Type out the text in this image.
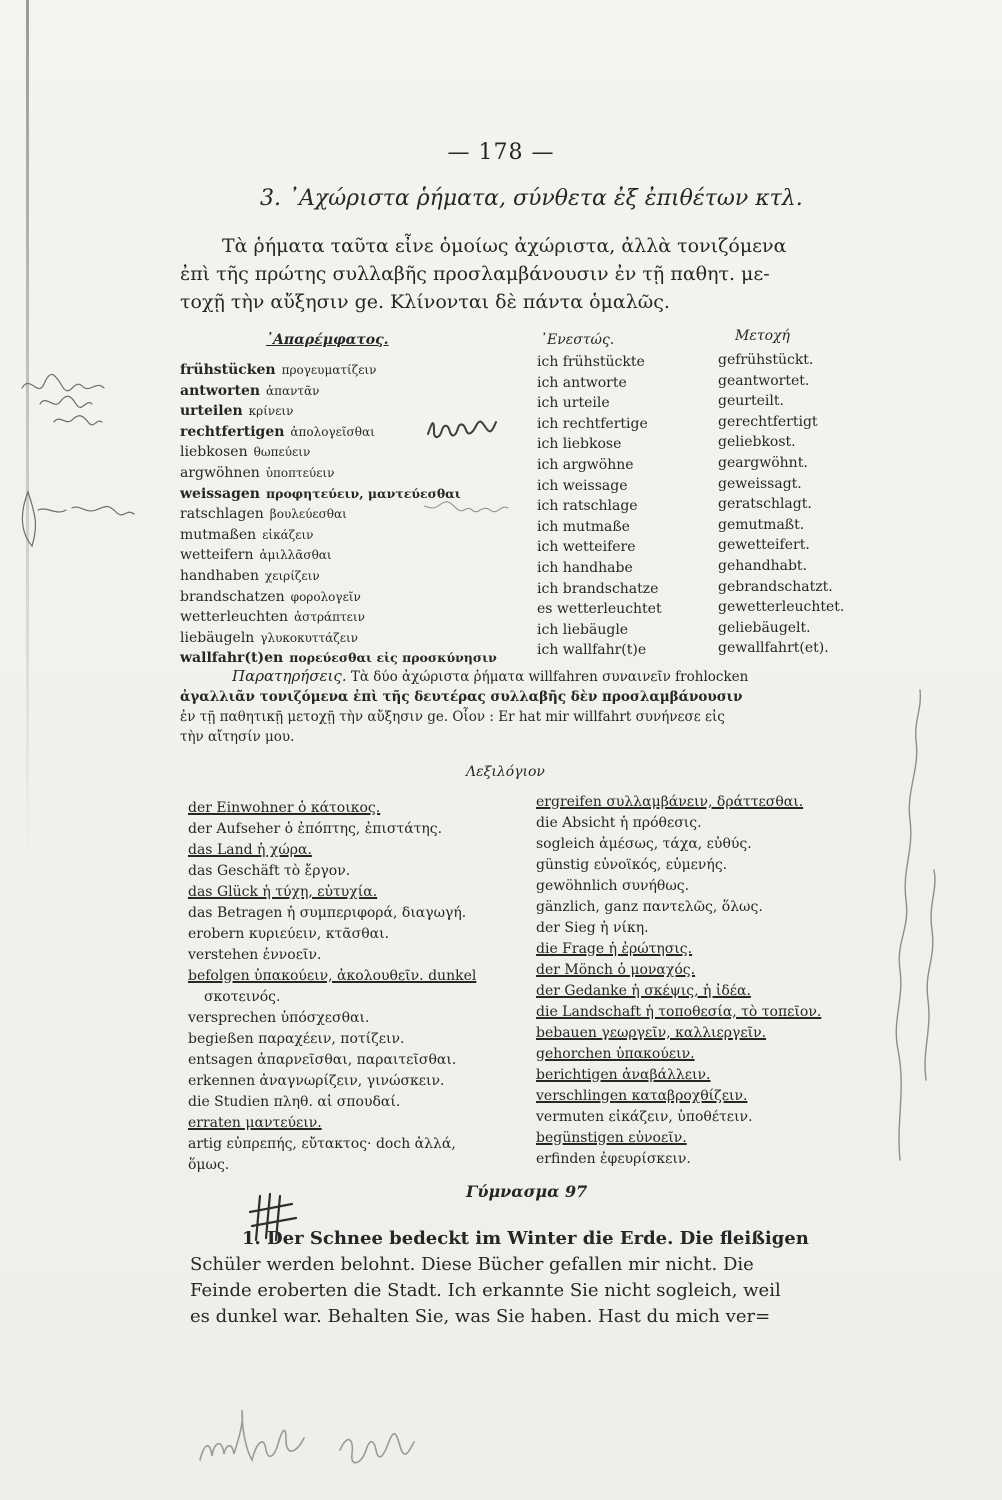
— 178 —
3. ᾿Αχώριστα ῥήματα, σύνθετα ἐξ ἐπιθέτων κτλ.
Τὰ ῥήματα ταῦτα εἶνε ὁμοίως ἀχώριστα, ἀλλὰ τονιζόμενα
ἐπὶ τῆς πρώτης συλλαβῆς προσλαμβάνουσιν ἐν τῇ παθητ. με-
τοχῇ τὴν αὔξησιν ge. Κλίνονται δὲ πάντα ὁμαλῶς.
᾿Απαρέμφατος.	᾿Ενεστώς.	Μετοχή
frühstücken προγευματίζειν
antworten ἀπαντᾶν
urteilen κρίνειν
rechtfertigen ἀπολογεῖσθαι
liebkosen θωπεύειν
argwöhnen ὑποπτεύειν
weissagen προφητεύειν, μαντεύεσθαι
ratschlagen βουλεύεσθαι
mutmaßen εἰκάζειν
wetteifern ἁμιλλᾶσθαι
handhaben χειρίζειν
brandschatzen φορολογεῖν
wetterleuchten ἀστράπτειν
liebäugeln γλυκοκυττάζειν
wallfahr(t)en πορεύεσθαι εἰς προσκύνησιν
ich frühstückte
ich antworte
ich urteile
ich rechtfertige
ich liebkose
ich argwöhne
ich weissage
ich ratschlage
ich mutmaße
ich wetteifere
ich handhabe
ich brandschatze
es wetterleuchtet
ich liebäugle
ich wallfahr(t)e
gefrühstückt.
geantwortet.
geurteilt.
gerechtfertigt
geliebkost.
geargwöhnt.
geweissagt.
geratschlagt.
gemutmaßt.
gewetteifert.
gehandhabt.
gebrandschatzt.
gewetterleuchtet.
geliebäugelt.
gewallfahrt(et).
Παρατηρήσεις. Τὰ δύο ἀχώριστα ῥήματα willfahren συναινεῖν frohlocken
ἀγαλλιᾶν τονιζόμενα ἐπὶ τῆς δευτέρας συλλαβῆς δὲν προσλαμβάνουσιν
ἐν τῇ παθητικῇ μετοχῇ τὴν αὔξησιν ge. Οἷον : Er hat mir willfahrt συνήνεσε εἰς
τὴν αἴτησίν μου.
Λεξιλόγιον
der Einwohner ὁ κάτοικος.
der Aufseher ὁ ἐπόπτης, ἐπιστάτης.
das Land ἡ χώρα.
das Geschäft τὸ ἔργον.
das Glück ἡ τύχη, εὐτυχία.
das Betragen ἡ συμπεριφορά, διαγωγή.
erobern κυριεύειν, κτᾶσθαι.
verstehen ἐννοεῖν.
befolgen ὑπακούειν, ἀκολουθεῖν. dunkel
σκοτεινός.
versprechen ὑπόσχεσθαι.
begießen παραχέειν, ποτίζειν.
entsagen ἀπαρνεῖσθαι, παραιτεῖσθαι.
erkennen ἀναγνωρίζειν, γινώσκειν.
die Studien πληθ. αἱ σπουδαί.
erraten μαντεύειν.
artig εὐπρεπής, εὔτακτος· doch ἀλλά,
ὅμως.
ergreifen συλλαμβάνειν, δράττεσθαι.
die Absicht ἡ πρόθεσις.
sogleich ἀμέσως, τάχα, εὐθύς.
günstig εὐνοϊκός, εὐμενής.
gewöhnlich συνήθως.
gänzlich, ganz παντελῶς, ὅλως.
der Sieg ἡ νίκη.
die Frage ἡ ἐρώτησις.
der Mönch ὁ μοναχός.
der Gedanke ἡ σκέψις, ἡ ἰδέα.
die Landschaft ἡ τοποθεσία, τὸ τοπεῖον.
bebauen γεωργεῖν, καλλιεργεῖν.
gehorchen ὑπακούειν.
berichtigen ἀναβάλλειν.
verschlingen καταβροχθίζειν.
vermuten εἰκάζειν, ὑποθέτειν.
begünstigen εὐνοεῖν.
erfinden ἐφευρίσκειν.
Γύμνασμα 97
1. Der Schnee bedeckt im Winter die Erde. Die fleißigen
Schüler werden belohnt. Diese Bücher gefallen mir nicht. Die
Feinde eroberten die Stadt. Ich erkannte Sie nicht sogleich, weil
es dunkel war. Behalten Sie, was Sie haben. Hast du mich ver=
